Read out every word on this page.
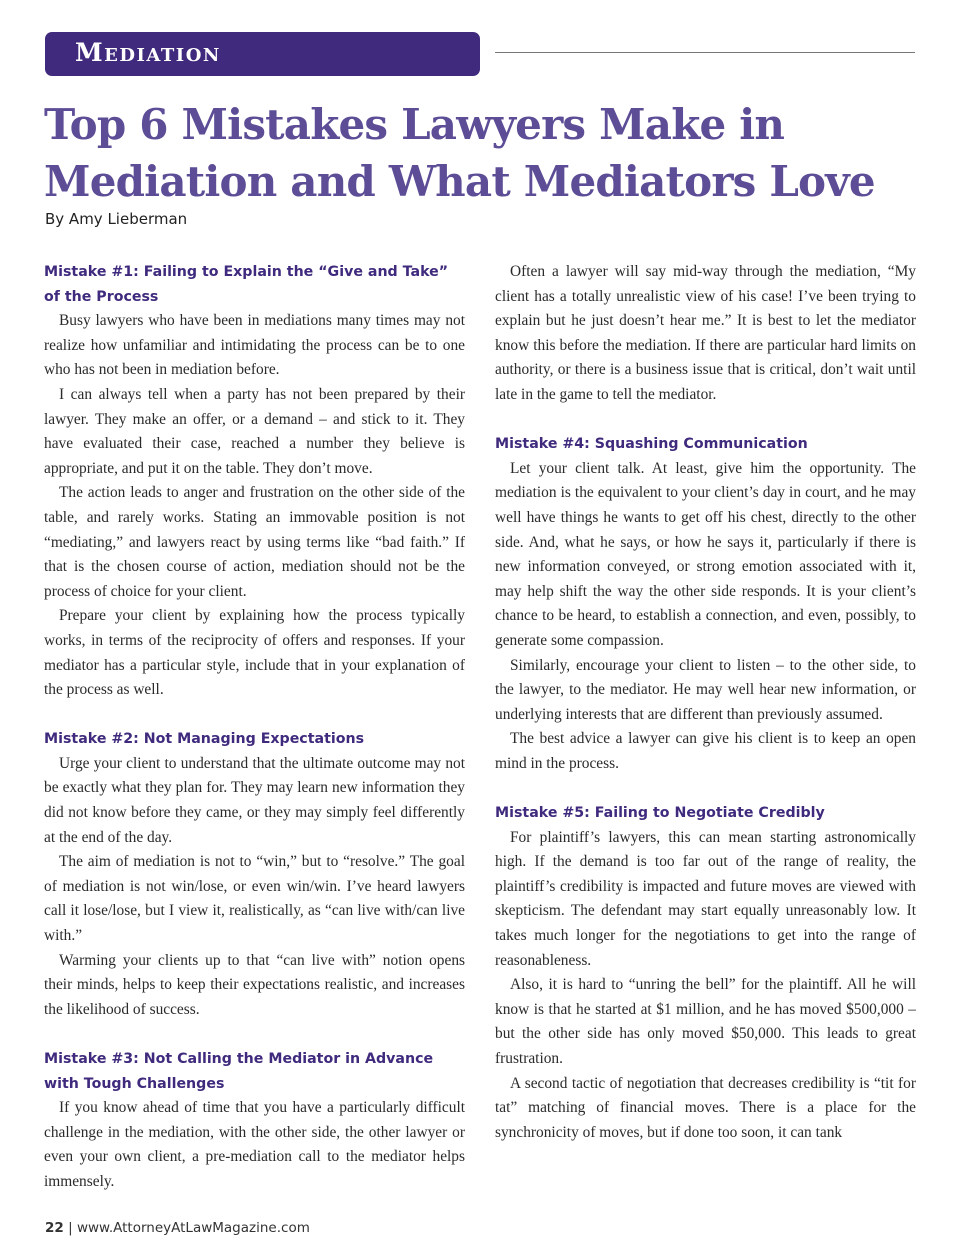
Mediation
Top 6 Mistakes Lawyers Make in Mediation and What Mediators Love
By Amy Lieberman
Mistake #1: Failing to Explain the “Give and Take” of the Process

Busy lawyers who have been in mediations many times may not realize how unfamiliar and intimidating the process can be to one who has not been in mediation before.

I can always tell when a party has not been prepared by their lawyer. They make an offer, or a demand – and stick to it. They have evaluated their case, reached a number they believe is appropriate, and put it on the table. They don’t move.

The action leads to anger and frustration on the other side of the table, and rarely works. Stating an immovable position is not “mediating,” and lawyers react by using terms like “bad faith.” If that is the chosen course of action, mediation should not be the process of choice for your client.

Prepare your client by explaining how the process typically works, in terms of the reciprocity of offers and responses. If your mediator has a particular style, include that in your explanation of the process as well.

Mistake #2: Not Managing Expectations

Urge your client to understand that the ultimate outcome may not be exactly what they plan for. They may learn new information they did not know before they came, or they may simply feel differently at the end of the day.

The aim of mediation is not to “win,” but to “resolve.” The goal of mediation is not win/lose, or even win/win. I’ve heard lawyers call it lose/lose, but I view it, realistically, as “can live with/can live with.”

Warming your clients up to that “can live with” notion opens their minds, helps to keep their expectations realistic, and increases the likelihood of success.

Mistake #3: Not Calling the Mediator in Advance with Tough Challenges

If you know ahead of time that you have a particularly difficult challenge in the mediation, with the other side, the other lawyer or even your own client, a pre-mediation call to the mediator helps immensely.

Often a lawyer will say mid-way through the mediation, “My client has a totally unrealistic view of his case! I’ve been trying to explain but he just doesn’t hear me.” It is best to let the mediator know this before the mediation. If there are particular hard limits on authority, or there is a business issue that is critical, don’t wait until late in the game to tell the mediator.

Mistake #4: Squashing Communication

Let your client talk. At least, give him the opportunity. The mediation is the equivalent to your client’s day in court, and he may well have things he wants to get off his chest, directly to the other side. And, what he says, or how he says it, particularly if there is new information conveyed, or strong emotion associated with it, may help shift the way the other side responds. It is your client’s chance to be heard, to establish a connection, and even, possibly, to generate some compassion.

Similarly, encourage your client to listen – to the other side, to the lawyer, to the mediator. He may well hear new information, or underlying interests that are different than previously assumed.

The best advice a lawyer can give his client is to keep an open mind in the process.

Mistake #5: Failing to Negotiate Credibly

For plaintiff’s lawyers, this can mean starting astronomically high. If the demand is too far out of the range of reality, the plaintiff’s credibility is impacted and future moves are viewed with skepticism. The defendant may start equally unreasonably low. It takes much longer for the negotiations to get into the range of reasonableness.

Also, it is hard to “unring the bell” for the plaintiff. All he will know is that he started at $1 million, and he has moved $500,000 – but the other side has only moved $50,000. This leads to great frustration.

A second tactic of negotiation that decreases credibility is “tit for tat” matching of financial moves. There is a place for the synchronicity of moves, but if done too soon, it can tank

22 | www.AttorneyAtLawMagazine.com
